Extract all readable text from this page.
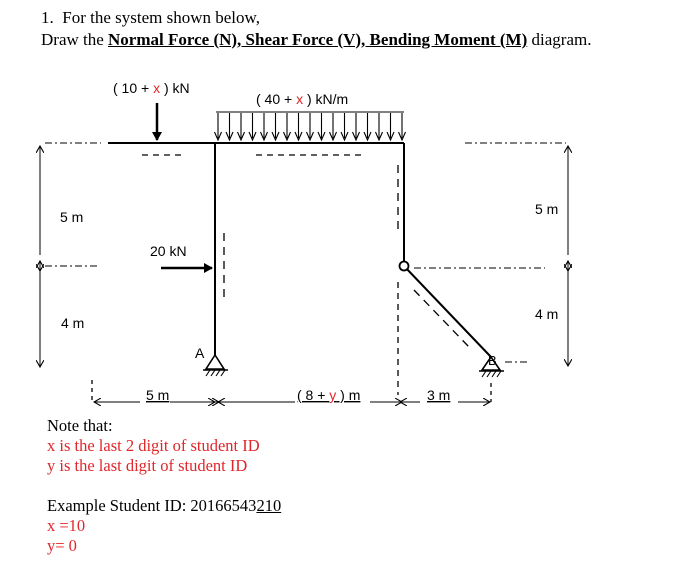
1. For the system shown below,
Draw the Normal Force (N), Shear Force (V), Bending Moment (M) diagram.
( 10 + x ) kN
( 40 + x ) kN/m
20 kN
A	B
5 m
4 m
5 m
4 m
5 m	( 8 + y ) m	3 m
Note that:
x is the last 2 digit of student ID
y is the last digit of student ID
Example Student ID: 20166543210
x =10
y= 0
